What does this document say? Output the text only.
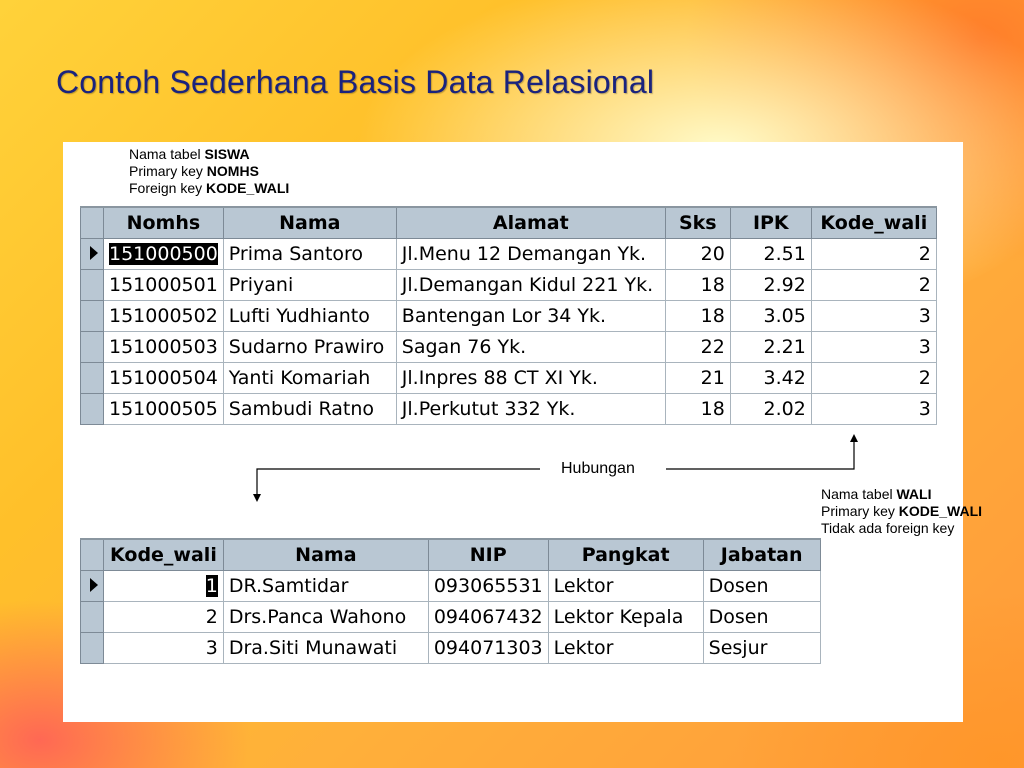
Contoh Sederhana Basis Data Relasional
Nama tabel SISWA
Primary key NOMHS
Foreign key KODE_WALI
	Nomhs	Nama	Alamat	Sks	IPK	Kode_wali
	151000500	Prima Santoro	Jl.Menu 12 Demangan Yk.	20	2.51	2
	151000501	Priyani	Jl.Demangan Kidul 221 Yk.	18	2.92	2
	151000502	Lufti Yudhianto	Bantengan Lor 34 Yk.	18	3.05	3
	151000503	Sudarno Prawiro	Sagan 76 Yk.	22	2.21	3
	151000504	Yanti Komariah	Jl.Inpres 88 CT XI Yk.	21	3.42	2
	151000505	Sambudi Ratno	Jl.Perkutut 332 Yk.	18	2.02	3
Hubungan
Nama tabel WALI
Primary key KODE_WALI
Tidak ada foreign key
	Kode_wali	Nama	NIP	Pangkat	Jabatan
	1	DR.Samtidar	093065531	Lektor	Dosen
	2	Drs.Panca Wahono	094067432	Lektor Kepala	Dosen
	3	Dra.Siti Munawati	094071303	Lektor	Sesjur
